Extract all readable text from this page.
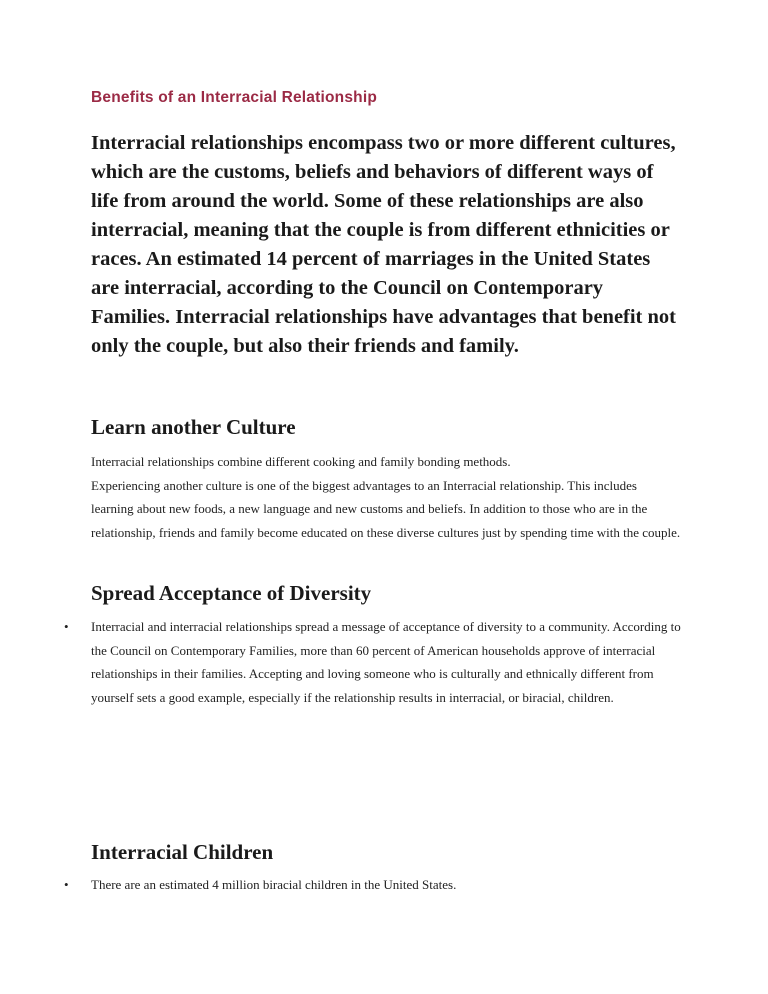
Benefits of an Interracial Relationship
Interracial relationships encompass two or more different cultures, which are the customs, beliefs and behaviors of different ways of life from around the world. Some of these relationships are also interracial, meaning that the couple is from different ethnicities or races. An estimated 14 percent of marriages in the United States are interracial, according to the Council on Contemporary Families. Interracial relationships have advantages that benefit not only the couple, but also their friends and family.
Learn another Culture

Interracial relationships combine different cooking and family bonding methods.

Experiencing another culture is one of the biggest advantages to an Interracial relationship. This includes learning about new foods, a new language and new customs and beliefs. In addition to those who are in the relationship, friends and family become educated on these diverse cultures just by spending time with the couple.

Spread Acceptance of Diversity
• Interracial and interracial relationships spread a message of acceptance of diversity to a community. According to the Council on Contemporary Families, more than 60 percent of American households approve of interracial relationships in their families. Accepting and loving someone who is culturally and ethnically different from yourself sets a good example, especially if the relationship results in interracial, or biracial, children.

Interracial Children
• There are an estimated 4 million biracial children in the United States.
